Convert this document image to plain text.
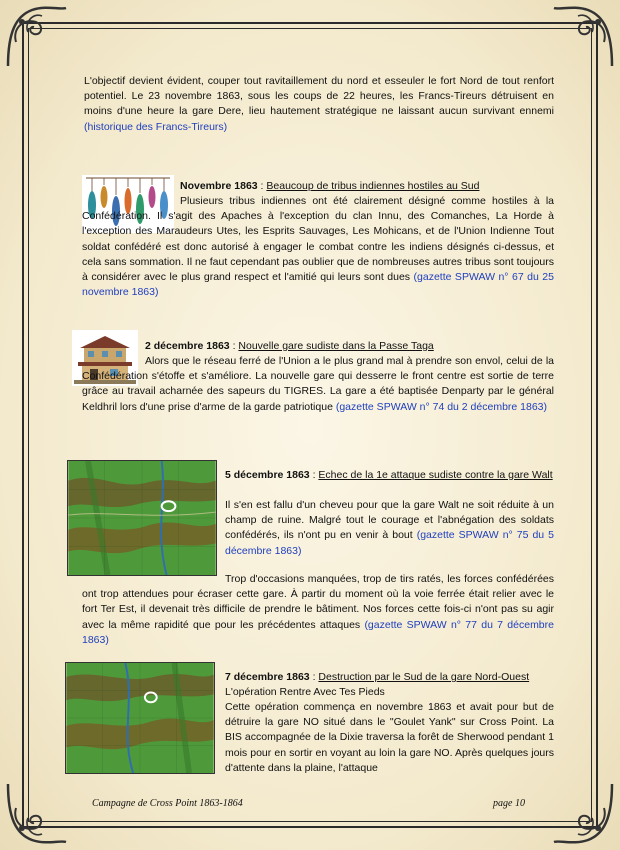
L'objectif devient évident, couper tout ravitaillement du nord et esseuler le fort Nord de tout renfort potentiel. Le 23 novembre 1863, sous les coups de 22 heures, les Francs-Tireurs détruisent en moins d'une heure la gare Dere, lieu hautement stratégique ne laissant aucun survivant ennemi (historique des Francs-Tireurs)

Novembre 1863 : Beaucoup de tribus indiennes hostiles au Sud

Plusieurs tribus indiennes ont été clairement désigné comme hostiles à la Confédération. Il s'agit des Apaches à l'exception du clan Innu, des Comanches, La Horde à l'exception des Maraudeurs Utes, les Esprits Sauvages, Les Mohicans, et de l'Union Indienne Tout soldat confédéré est donc autorisé à engager le combat contre les indiens désignés ci-dessus, et cela sans sommation. Il ne faut cependant pas oublier que de nombreuses autres tribus sont toujours à considérer avec le plus grand respect et l'amitié qui leurs sont dues (gazette SPWAW n° 67 du 25 novembre 1863)

2 décembre 1863 : Nouvelle gare sudiste dans la Passe Taga

Alors que le réseau ferré de l'Union a le plus grand mal à prendre son envol, celui de la Confédération s'étoffe et s'améliore. La nouvelle gare qui desserre le front centre est sortie de terre grâce au travail acharnée des sapeurs du TIGRES. La gare a été baptisée Denparty par le général Keldhril lors d'une prise d'arme de la garde patriotique (gazette SPWAW n° 74 du 2 décembre 1863)

5 décembre 1863 : Echec de la 1e attaque sudiste contre la gare Walt

Il s'en est fallu d'un cheveu pour que la gare Walt ne soit réduite à un champ de ruine. Malgré tout le courage et l'abnégation des soldats confédérés, ils n'ont pu en venir à bout (gazette SPWAW n° 75 du 5 décembre 1863)

Trop d'occasions manquées, trop de tirs ratés, les forces confédérées ont trop attendues pour écraser cette gare. À partir du moment où la voie ferrée était relier avec le fort Ter Est, il devenait très difficile de prendre le bâtiment. Nos forces cette fois-ci n'ont pas su agir avec la même rapidité que pour les précédentes attaques (gazette SPWAW n° 77 du 7 décembre 1863)

7 décembre 1863 : Destruction par le Sud de la gare Nord-Ouest

L'opération Rentre Avec Tes Pieds

Cette opération commença en novembre 1863 et avait pour but de détruire la gare NO situé dans le "Goulet Yank" sur Cross Point. La BIS accompagnée de la Dixie traversa la forêt de Sherwood pendant 1 mois pour en sortir en voyant au loin la gare NO. Après quelques jours d'attente dans la plaine, l'attaque

Campagne de Cross Point 1863-1864	page 10
